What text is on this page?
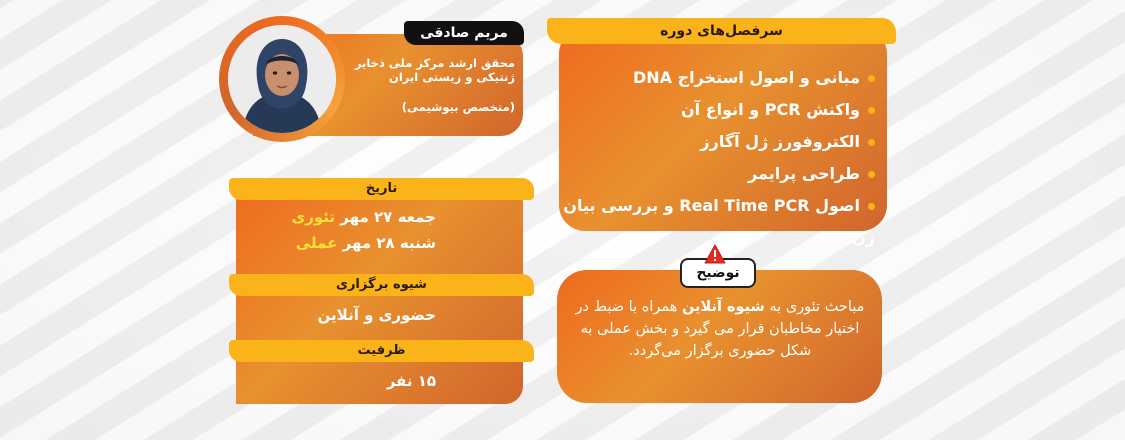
مبانی و اصول استخراج DNA
واکنش PCR و انواع آن
الکتروفورز ژل آگارز
طراحی پرایمر
اصول Real Time PCR و بررسی بیان ژن
سرفصل‌های دوره
محقق ارشد مرکز ملی ذخایر
ژنتیکی و زیستی ایران
(متخصص بیوشیمی)
مریم صادقی
تاریخ
جمعه ۲۷ مهر تئوری
شنبه ۲۸ مهر عملی
شیوه برگزاری
حضوری و آنلاین
ظرفیت
۱۵ نفر
مباحث تئوری به شیوه آنلاین همراه با ضبط در اختیار مخاطبان قرار می گیرد و بخش عملی به شکل حضوری برگزار می‌گردد.
توضیح
